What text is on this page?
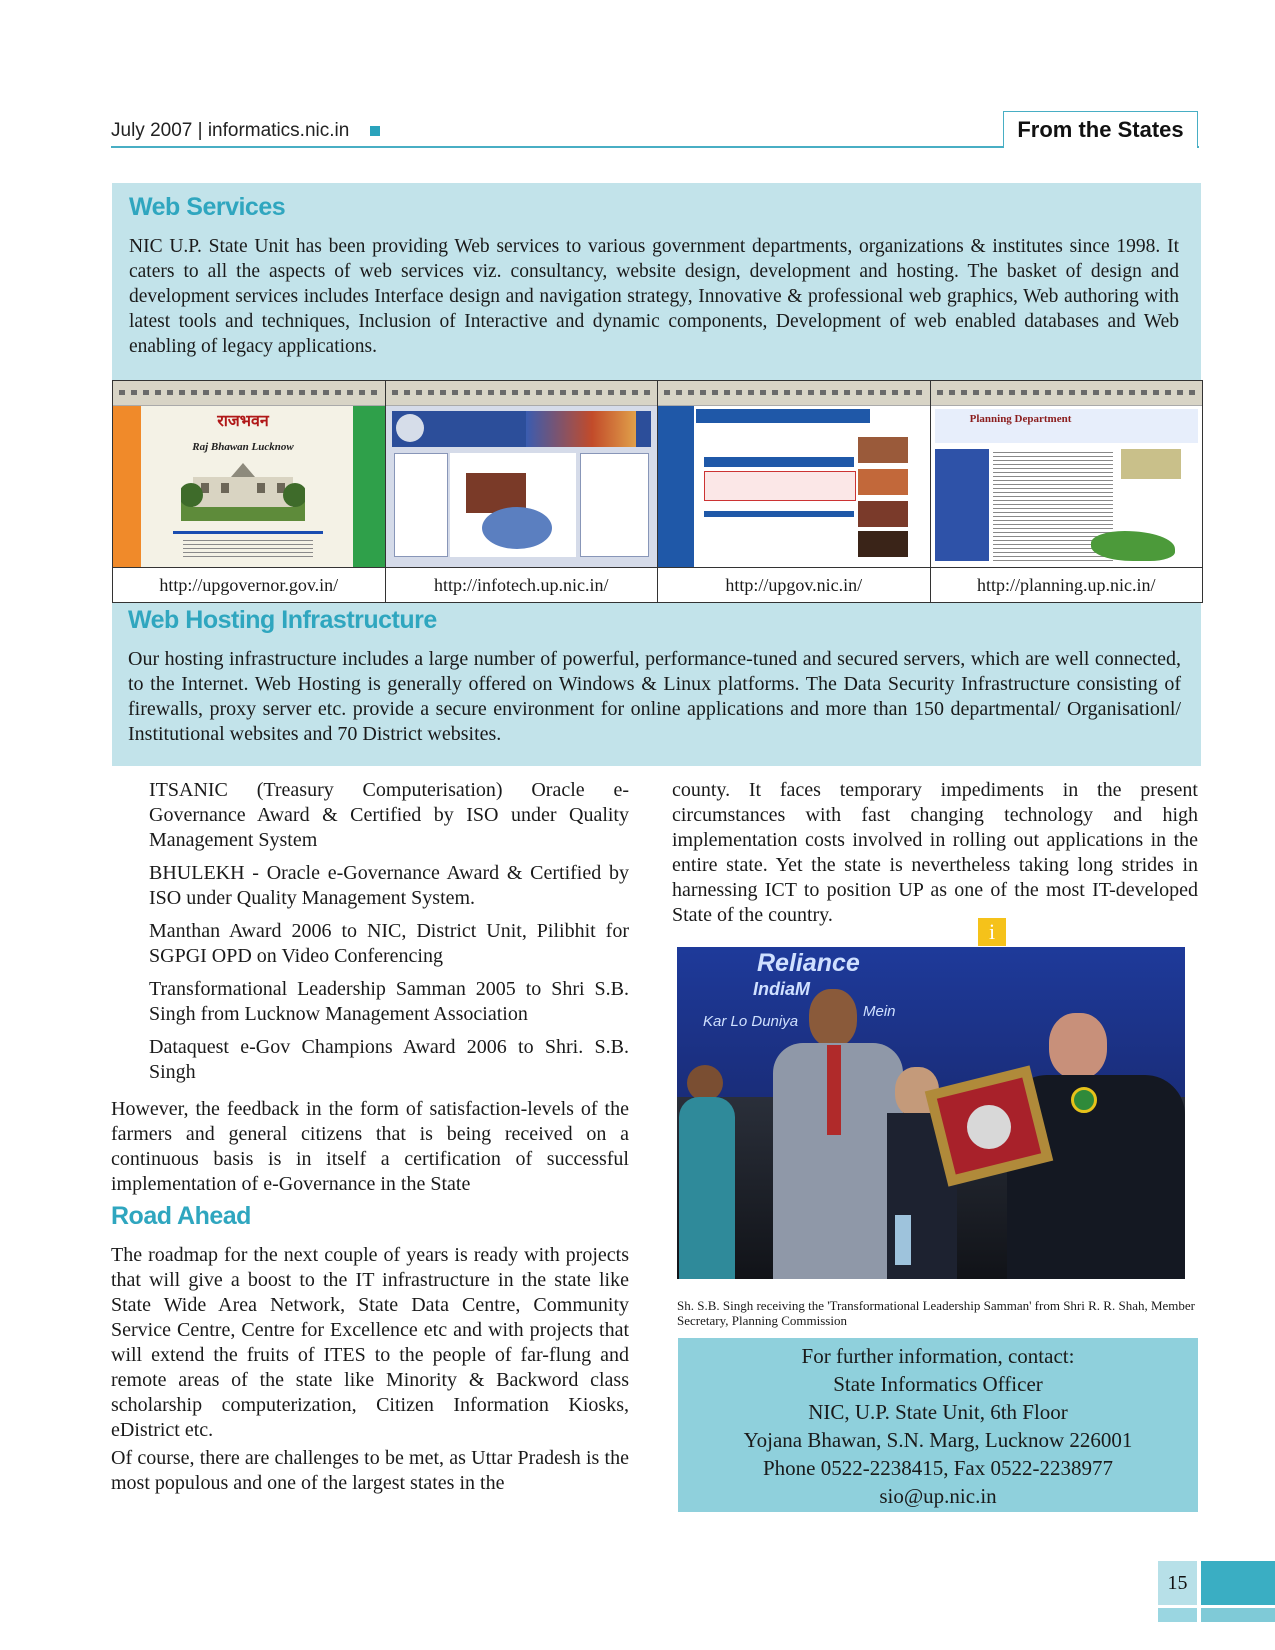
July 2007 | informatics.nic.in	From the States
Web Services
NIC U.P. State Unit has been providing Web services to various government departments, organizations & institutes since 1998. It caters to all the aspects of web services viz. consultancy, website design, development and hosting. The basket of design and development services includes Interface design and navigation strategy, Innovative & professional web graphics, Web authoring with latest tools and techniques, Inclusion of Interactive and dynamic components, Development of web enabled databases and Web enabling of legacy applications.
राजभवन
Raj Bhawan Lucknow
Planning Department
http://upgovernor.gov.in/	http://infotech.up.nic.in/	http://upgov.nic.in/	http://planning.up.nic.in/
Web Hosting Infrastructure
Our hosting infrastructure includes a large number of powerful, performance-tuned and secured servers, which are well connected, to the Internet. Web Hosting is generally offered on Windows & Linux platforms. The Data Security Infrastructure consisting of firewalls, proxy server etc. provide a secure environment for online applications and more than 150 departmental/ Organisationl/ Institutional websites and 70 District websites.
ITSANIC (Treasury Computerisation) Oracle e-Governance Award & Certified by ISO under Quality Management System
BHULEKH - Oracle e-Governance Award & Certified by ISO under Quality Management System.
Manthan Award 2006 to NIC, District Unit, Pilibhit for SGPGI OPD on Video Conferencing
Transformational Leadership Samman 2005 to Shri S.B. Singh from Lucknow Management Association
Dataquest e-Gov Champions Award 2006 to Shri. S.B. Singh
However, the feedback in the form of satisfaction-levels of the farmers and general citizens that is being received on a continuous basis is in itself a certification of successful implementation of e-Governance in the State
Road Ahead
The roadmap for the next couple of years is ready with projects that will give a boost to the IT infrastructure in the state like State Wide Area Network, State Data Centre, Community Service Centre, Centre for Excellence etc and with projects that will extend the fruits of ITES to the people of far-flung and remote areas of the state like Minority & Backword class scholarship computerization, Citizen Information Kiosks, eDistrict etc.
Of course, there are challenges to be met, as Uttar Pradesh is the most populous and one of the largest states in the
county. It faces temporary impediments in the present circumstances with fast changing technology and high implementation costs involved in rolling out applications in the entire state. Yet the state is nevertheless taking long strides in harnessing ICT to position UP as one of the most IT-developed State of the country.
i
Reliance
IndiaM
Kar Lo Duniya
Mein
Sh. S.B. Singh receiving the 'Transformational Leadership Samman' from Shri R. R. Shah, Member Secretary, Planning Commission
For further information, contact:
State Informatics Officer
NIC, U.P. State Unit, 6th Floor
Yojana Bhawan, S.N. Marg, Lucknow 226001
Phone 0522-2238415, Fax 0522-2238977
sio@up.nic.in
15
